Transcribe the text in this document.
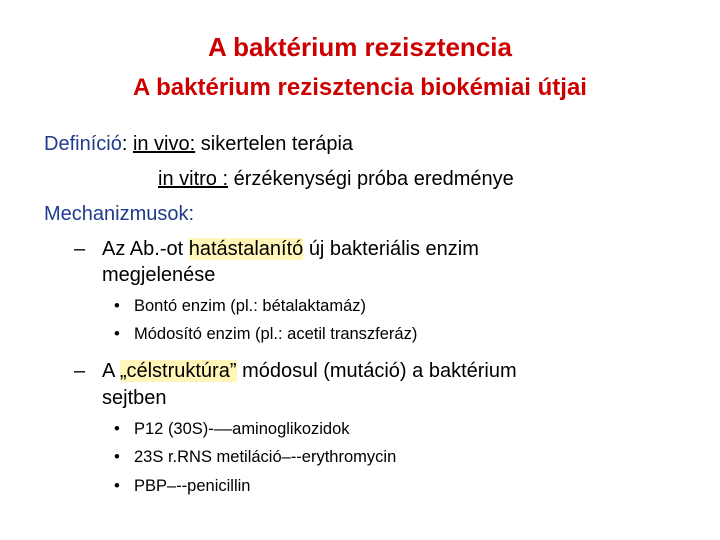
A baktérium rezisztencia
A baktérium rezisztencia biokémiai útjai
Definíció: in vivo: sikertelen terápia
in vitro : érzékenységi próba eredménye
Mechanizmusok:
– Az Ab.-ot hatástalanító új bakteriális enzim
megjelenése
• Bontó enzim (pl.: bétalaktamáz)
• Módosító enzim (pl.: acetil transzferáz)
– A „célstruktúra” módosul (mutáció) a baktérium
sejtben
• P12 (30S)-––aminoglikozidok
• 23S r.RNS metiláció–--erythromycin
• PBP–--penicillin
